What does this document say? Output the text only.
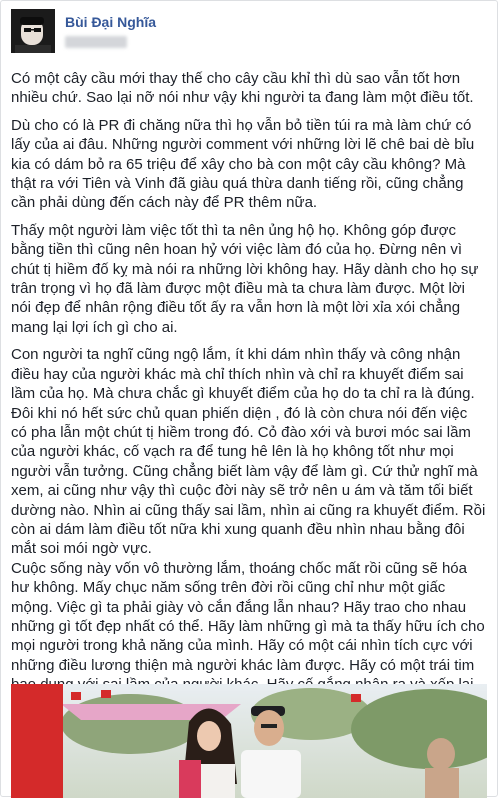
Bùi Đại Nghĩa

Có một cây cầu mới thay thế cho cây cầu khỉ thì dù sao vẫn tốt hơn nhiều chứ. Sao lại nỡ nói như vậy khi người ta đang làm một điều tốt.

Dù cho có là PR đi chăng nữa thì họ vẫn bỏ tiền túi ra mà làm chứ có lấy của ai đâu. Những người comment với những lời lẽ chê bai dè bỉu kia có dám bỏ ra 65 triệu để xây cho bà con một cây cầu không? Mà thật ra với Tiên và Vinh đã giàu quá thừa danh tiếng rồi, cũng chẳng cần phải dùng đến cách này để PR thêm nữa.

Thấy một người làm việc tốt thì ta nên ủng hộ họ. Không góp được bằng tiền thì cũng nên hoan hỷ với việc làm đó của họ. Đừng nên vì chút tị hiềm đố kỵ mà nói ra những lời không hay. Hãy dành cho họ sự trân trọng vì họ đã làm được một điều mà ta chưa làm được. Một lời nói đẹp để nhân rộng điều tốt ấy ra vẫn hơn là một lời xỉa xói chẳng mang lại lợi ích gì cho ai.

Con người ta nghĩ cũng ngộ lắm, ít khi dám nhìn thấy và công nhận điều hay của người khác mà chỉ thích nhìn và chỉ ra khuyết điểm sai lầm của họ. Mà chưa chắc gì khuyết điểm của họ do ta chỉ ra là đúng. Đôi khi nó hết sức chủ quan phiến diện , đó là còn chưa nói đến việc có pha lẫn một chút tị hiềm trong đó. Cỏ đào xới và bươi móc sai lầm của người khác, cố vạch ra để tung hê lên là họ không tốt như mọi người vẫn tưởng. Cũng chẳng biết làm vậy để làm gì. Cứ thử nghĩ mà xem, ai cũng như vậy thì cuộc đời này sẽ trở nên u ám và tăm tối biết dường nào. Nhìn ai cũng thấy sai lầm, nhìn ai cũng ra khuyết điểm. Rồi còn ai dám làm điều tốt nữa khi xung quanh đều nhìn nhau bằng đôi mắt soi mói ngờ vực.

Cuộc sống này vốn vô thường lắm, thoáng chốc mất rồi cũng sẽ hóa hư không. Mấy chục năm sống trên đời rồi cũng chỉ như một giấc mộng. Việc gì ta phải giày vò cắn đắng lẫn nhau? Hãy trao cho nhau những gì tốt đẹp nhất có thể. Hãy làm những gì mà ta thấy hữu ích cho mọi người trong khả năng của mình. Hãy có một cái nhìn tích cực với những điều lương thiện mà người khác làm được. Hãy có một trái tim
